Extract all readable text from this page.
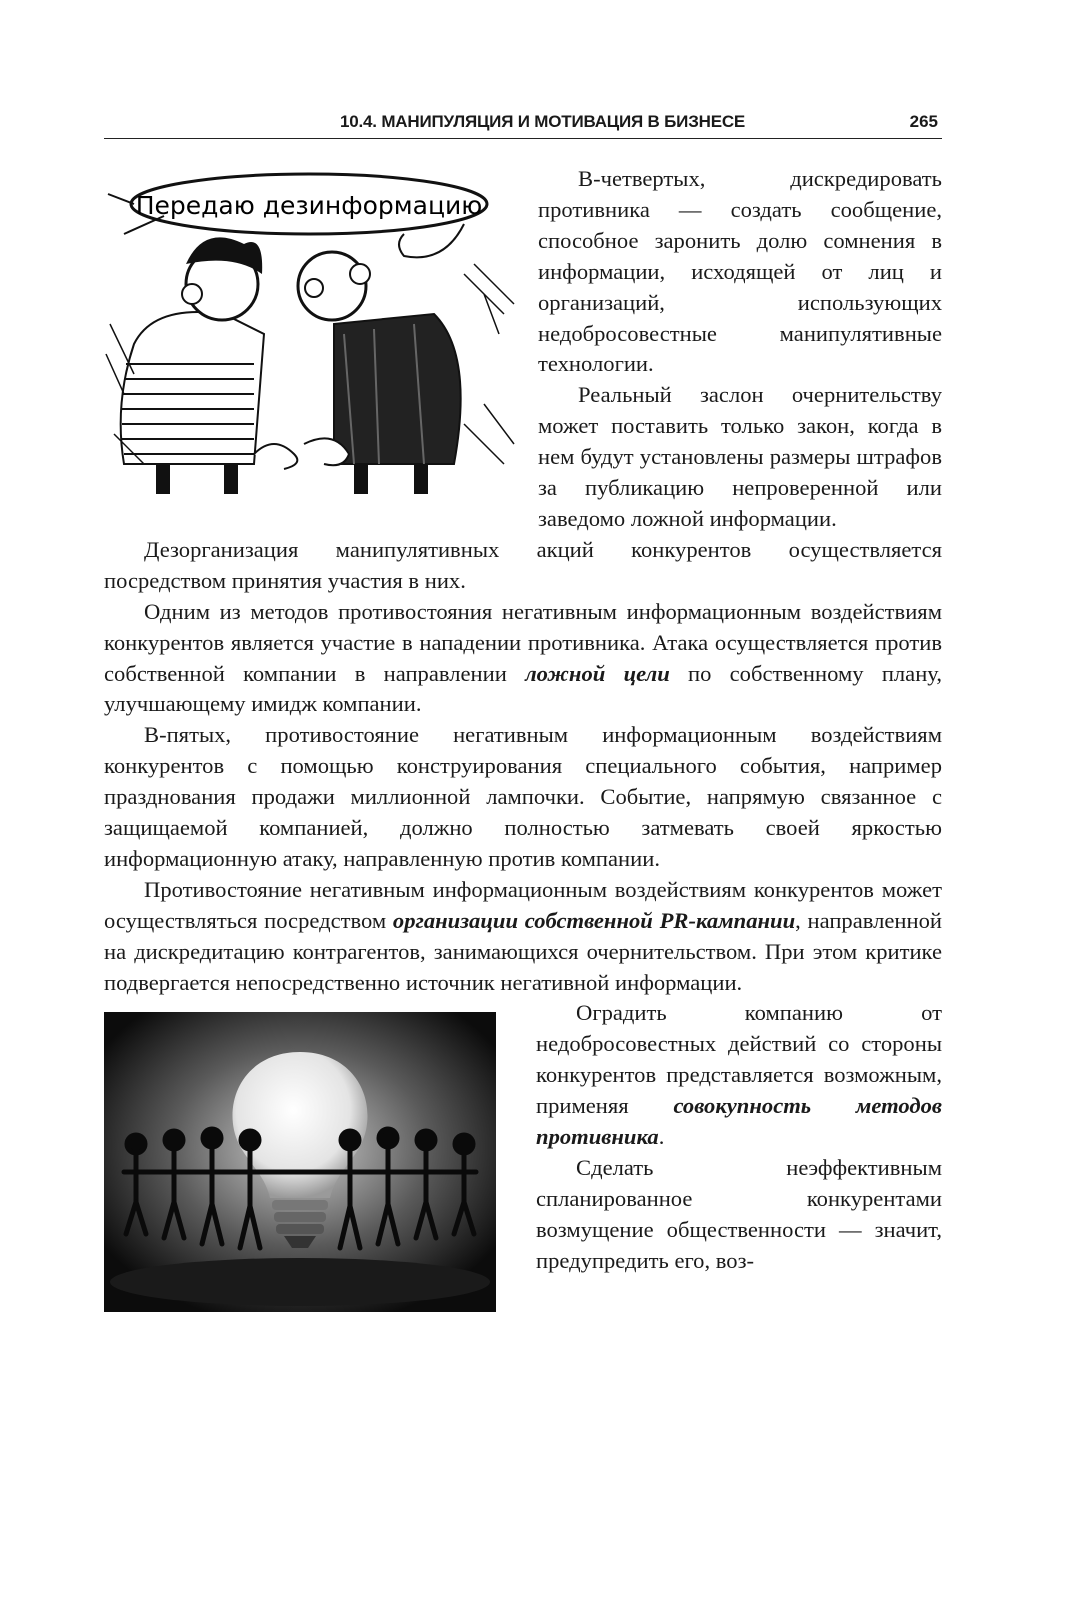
10.4. МАНИПУЛЯЦИЯ И МОТИВАЦИЯ В БИЗНЕСЕ	265
Передаю дезинформацию

В-четвертых, дискредировать противника — создать сообщение, способное заронить долю сомнения в информации, исходящей от лиц и организаций, использующих недобросовестные манипулятивные технологии.

Реальный заслон очернительству может поставить только закон, когда в нем будут установлены размеры штрафов за публикацию непроверенной или заведомо ложной информации.

Дезорганизация манипулятивных акций конкурентов осуществляется посредством принятия участия в них.

Одним из методов противостояния негативным информационным воздействиям конкурентов является участие в нападении противника. Атака осуществляется против собственной компании в направлении ложной цели по собственному плану, улучшающему имидж компании.

В-пятых, противостояние негативным информационным воздействиям конкурентов с помощью конструирования специального события, например празднования продажи миллионной лампочки. Событие, напрямую связанное с защищаемой компанией, должно полностью затмевать своей яркостью информационную атаку, направленную против компании.

Противостояние негативным информационным воздействиям конкурентов может осуществляться посредством организации собственной PR-кампании, направленной на дискредитацию контрагентов, занимающихся очернительством. При этом критике подвергается непосредственно источник негативной информации.

Оградить компанию от недобросовестных действий со стороны конкурентов представляется возможным, применяя совокупность методов противника.

Сделать неэффективным спланированное конкурентами возмущение общественности — значит, предупредить его, воз-
